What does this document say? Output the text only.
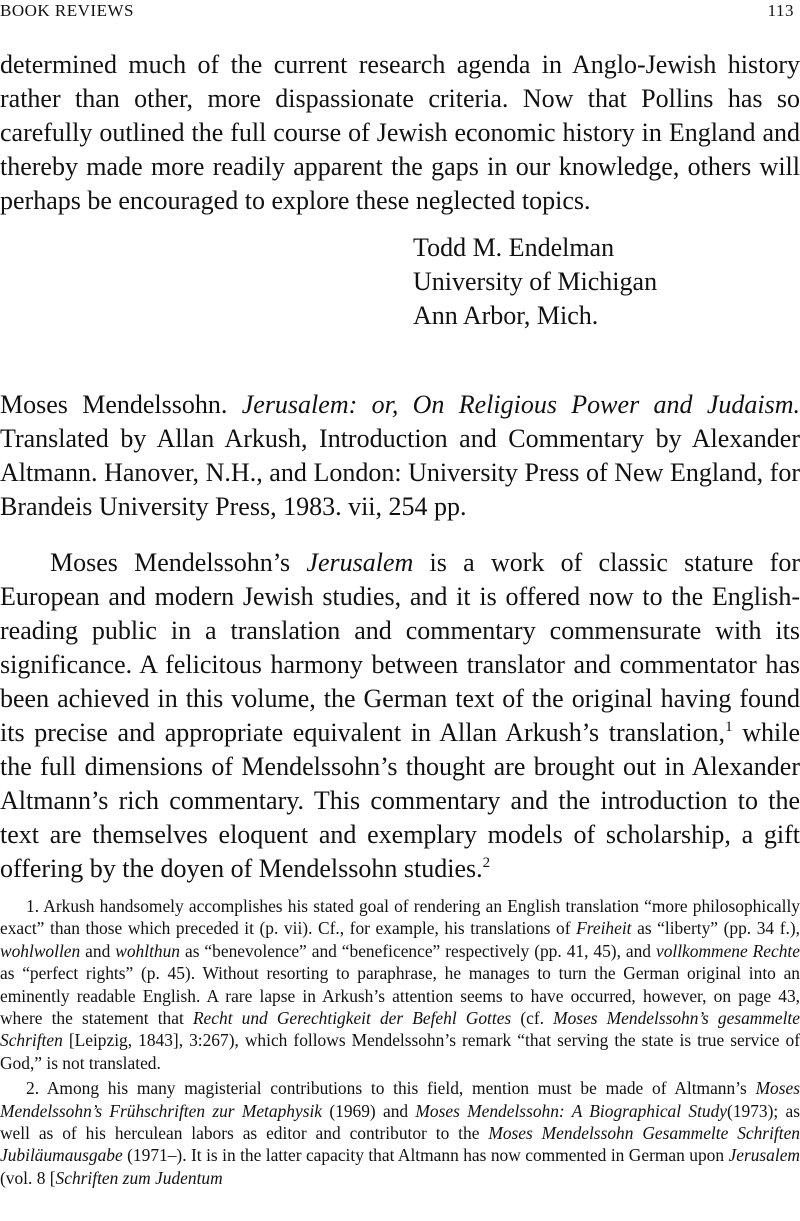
BOOK REVIEWS	113

determined much of the current research agenda in Anglo-Jewish history rather than other, more dispassionate criteria. Now that Pollins has so carefully outlined the full course of Jewish economic history in England and thereby made more readily apparent the gaps in our knowledge, others will perhaps be encouraged to explore these neglected topics.

Todd M. Endelman
University of Michigan
Ann Arbor, Mich.

Moses Mendelssohn. Jerusalem: or, On Religious Power and Judaism. Translated by Allan Arkush, Introduction and Commentary by Alexander Altmann. Hanover, N.H., and London: University Press of New England, for Brandeis University Press, 1983. vii, 254 pp.

Moses Mendelssohn’s Jerusalem is a work of classic stature for European and modern Jewish studies, and it is offered now to the English-reading public in a translation and commentary commensurate with its significance. A felicitous harmony between translator and commentator has been achieved in this volume, the German text of the original having found its precise and appropriate equivalent in Allan Arkush’s translation,$^1$ while the full dimensions of Mendelssohn’s thought are brought out in Alexander Altmann’s rich commentary. This commentary and the introduction to the text are themselves eloquent and exemplary models of scholarship, a gift offering by the doyen of Mendelssohn studies.$^2$

1. Arkush handsomely accomplishes his stated goal of rendering an English translation “more philosophically exact” than those which preceded it (p. vii). Cf., for example, his translations of Freiheit as “liberty” (pp. 34 f.), wohlwollen and wohlthun as “benevolence” and “beneficence” respectively (pp. 41, 45), and vollkommene Rechte as “perfect rights” (p. 45). Without resorting to paraphrase, he manages to turn the German original into an eminently readable English. A rare lapse in Arkush’s attention seems to have occurred, however, on page 43, where the statement that Recht und Gerechtigkeit der Befehl Gottes (cf. Moses Mendelssohn’s gesammelte Schriften [Leipzig, 1843], 3:267), which follows Mendelssohn’s remark “that serving the state is true service of God,” is not translated.

2. Among his many magisterial contributions to this field, mention must be made of Altmann’s Moses Mendelssohn’s Frühschriften zur Metaphysik (1969) and Moses Mendelssohn: A Biographical Study(1973); as well as of his herculean labors as editor and contributor to the Moses Mendelssohn Gesammelte Schriften Jubiläumausgabe (1971–). It is in the latter capacity that Altmann has now commented in German upon Jerusalem (vol. 8 [Schriften zum Judentum
